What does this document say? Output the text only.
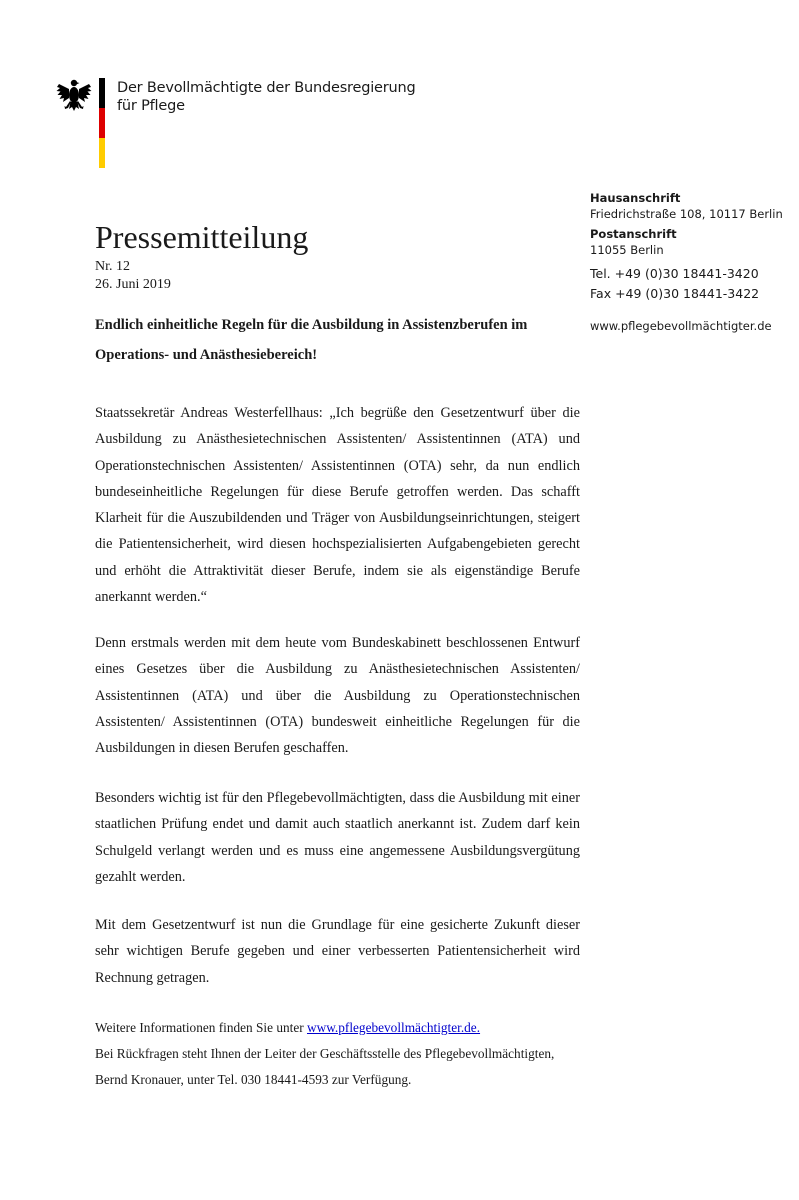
Der Bevollmächtigte der Bundesregierung
für Pflege
Hausanschrift
Friedrichstraße 108, 10117 Berlin
Postanschrift
11055 Berlin
Tel. +49 (0)30 18441-3420
Fax +49 (0)30 18441-3422
www.pflegebevollmächtigter.de
Pressemitteilung
Nr. 12
26. Juni 2019
Endlich einheitliche Regeln für die Ausbildung in Assistenzberufen im Operations- und Anästhesiebereich!
Staatssekretär Andreas Westerfellhaus: „Ich begrüße den Gesetzentwurf über die Ausbildung zu Anästhesietechnischen Assistenten/ Assistentinnen (ATA) und Operationstechnischen Assistenten/ Assistentinnen (OTA) sehr, da nun endlich bundeseinheitliche Regelungen für diese Berufe getroffen werden. Das schafft Klarheit für die Auszubildenden und Träger von Ausbildungseinrichtungen, steigert die Patientensicherheit, wird diesen hochspezialisierten Aufgabengebieten gerecht und erhöht die Attraktivität dieser Berufe, indem sie als eigenständige Berufe anerkannt werden.“
Denn erstmals werden mit dem heute vom Bundeskabinett beschlossenen Entwurf eines Gesetzes über die Ausbildung zu Anästhesietechnischen Assistenten/ Assistentinnen (ATA) und über die Ausbildung zu Operationstechnischen Assistenten/ Assistentinnen (OTA) bundesweit einheitliche Regelungen für die Ausbildungen in diesen Berufen geschaffen.
Besonders wichtig ist für den Pflegebevollmächtigten, dass die Ausbildung mit einer staatlichen Prüfung endet und damit auch staatlich anerkannt ist. Zudem darf kein Schulgeld verlangt werden und es muss eine angemessene Ausbildungsvergütung gezahlt werden.
Mit dem Gesetzentwurf ist nun die Grundlage für eine gesicherte Zukunft dieser sehr wichtigen Berufe gegeben und einer verbesserten Patientensicherheit wird Rechnung getragen.
Weitere Informationen finden Sie unter www.pflegebevollmächtigter.de.
Bei Rückfragen steht Ihnen der Leiter der Geschäftsstelle des Pflegebevollmächtigten,
Bernd Kronauer, unter Tel. 030 18441-4593 zur Verfügung.
